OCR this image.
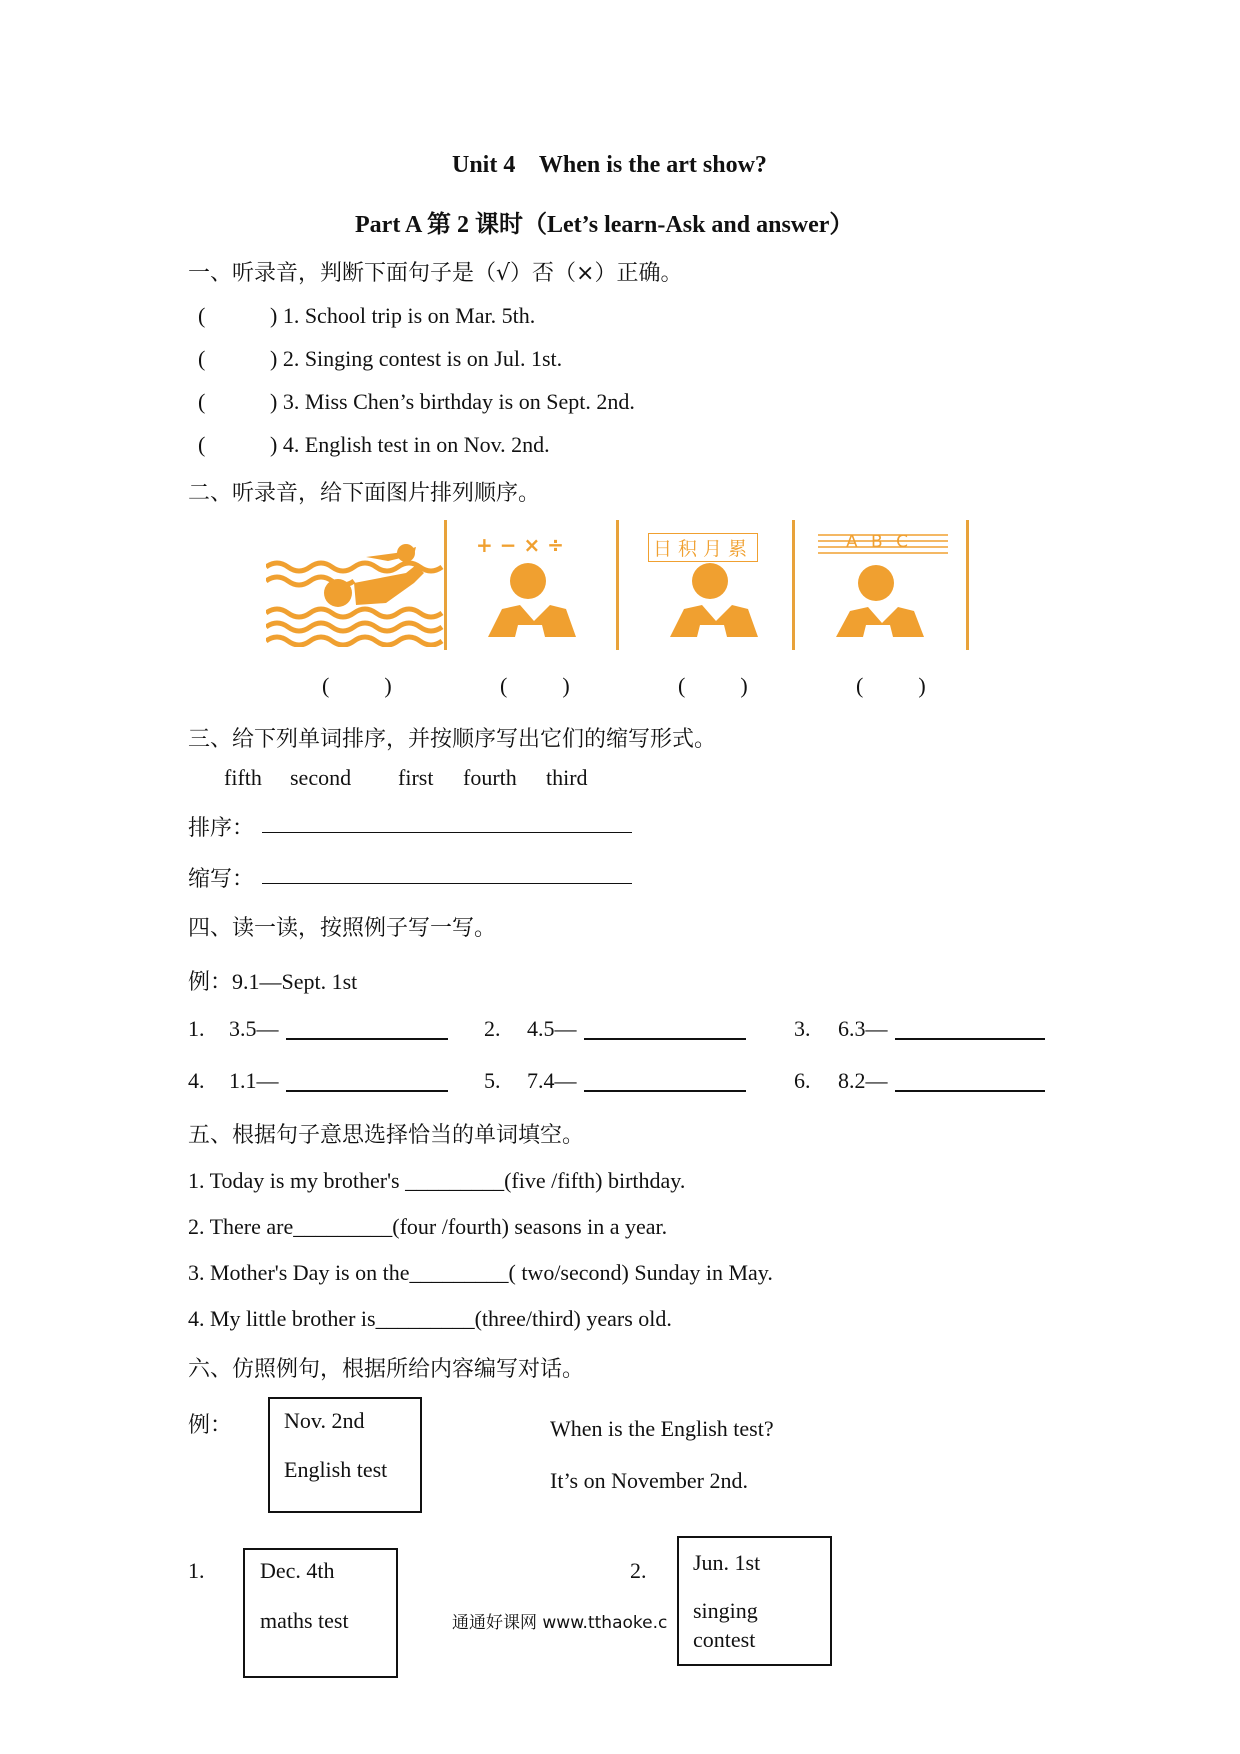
Unit 4    When is the art show?
Part A 第 2 课时（Let’s learn-Ask and answer）
一、听录音，判断下面句子是（√）否（×）正确。
(	) 1. School trip is on Mar. 5th.
(	) 2. Singing contest is on Jul. 1st.
(	) 3. Miss Chen’s birthday is on Sept. 2nd.
(	) 4. English test in on Nov. 2nd.
二、听录音，给下面图片排列顺序。
+ − × ÷	日积月累	A B C
(          )	(          )	(          )	(          )
三、给下列单词排序，并按顺序写出它们的缩写形式。
fifth second first fourth third
排序：
缩写：
四、读一读，按照例子写一写。
例：9.1—Sept. 1st
1. 3.5—	2. 4.5—	3. 6.3—
4. 1.1—	5. 7.4—	6. 8.2—
五、根据句子意思选择恰当的单词填空。
1. Today is my brother's _________(five /fifth) birthday.
2. There are_________(four /fourth) seasons in a year.
3. Mother's Day is on the_________( two/second) Sunday in May.
4. My little brother is_________(three/third) years old.
六、仿照例句，根据所给内容编写对话。
例： Nov. 2nd
English test
When is the English test?
It’s on November 2nd.
1.	Dec. 4th
maths test	通通好课网 www.tthaoke.c
2. Jun. 1st
singing
contest
